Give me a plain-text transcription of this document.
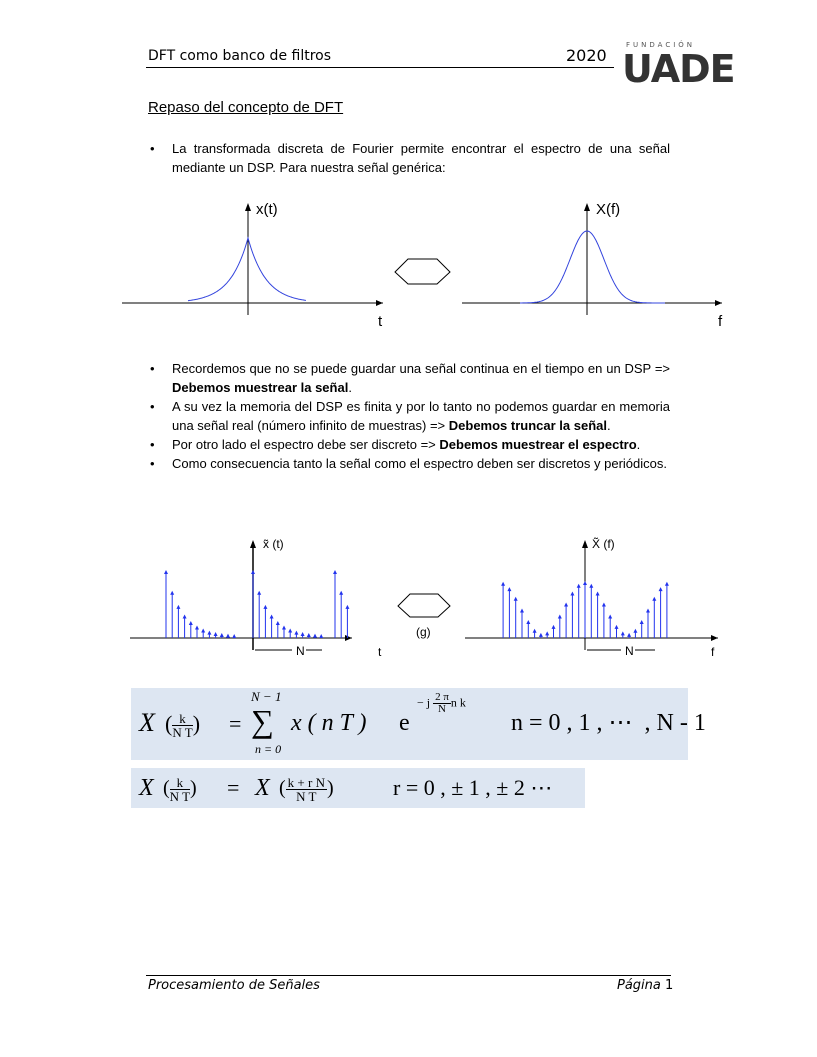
DFT como banco de filtros	2020
FUNDACIÓN
UADE
Repaso del concepto de DFT
• La transformada discreta de Fourier permite encontrar el espectro de una señal mediante un DSP. Para nuestra señal genérica:
x(t)
t
X(f)
f
• Recordemos que no se puede guardar una señal continua en el tiempo en un DSP => Debemos muestrear la señal.
• A su vez la memoria del DSP es finita y por lo tanto no podemos guardar en memoria una señal real (número infinito de muestras) => Debemos truncar la señal.
• Por otro lado el espectro debe ser discreto => Debemos muestrear el espectro.
• Como consecuencia tanto la señal como el espectro deben ser discretos y periódicos.
x̃ (t)
t
N
(g)
X̃ (f)
f
N
X ( $\frac{k}{\text{N T}}$ ) =
N − 1
∑
n = 0
x ( n T ) e
− j $\frac{2 \pi}{N}$ n k
n = 0 , 1 , ⋯  , N - 1
X ( $\frac{k}{\text{N T}}$ ) = X ( $\frac{\text{k + r N}}{\text{N T}}$ )	r = 0 , ± 1 , ± 2 ⋯
Procesamiento de Señales	Página 1
